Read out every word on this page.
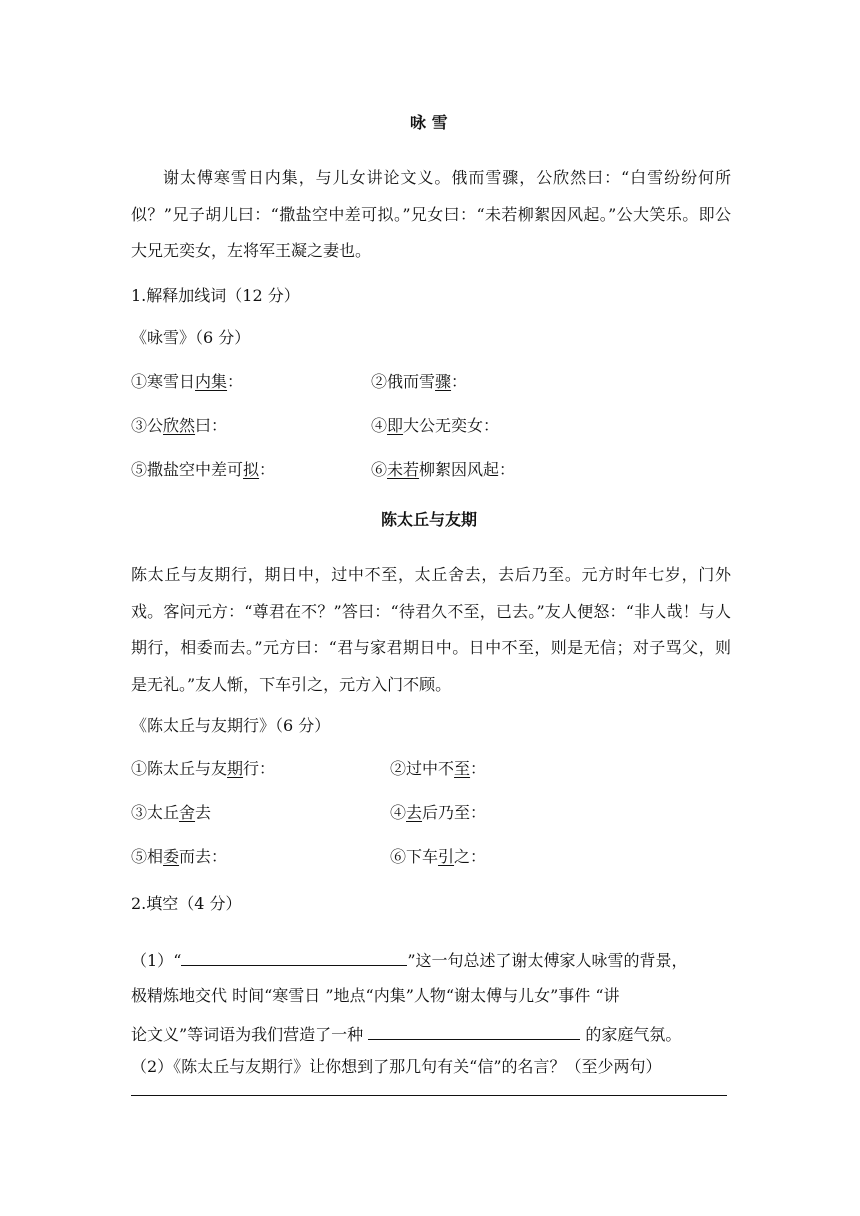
咏 雪
谢太傅寒雪日内集，与儿女讲论文义。俄而雪骤，公欣然曰：“白雪纷纷何所似？”兄子胡儿曰：“撒盐空中差可拟。”兄女曰：“未若柳絮因风起。”公大笑乐。即公大兄无奕女，左将军王凝之妻也。
1.解释加线词（12 分）
《咏雪》（6 分）
①寒雪日内集：	②俄而雪骤：
③公欣然曰：	④即大公无奕女：
⑤撒盐空中差可拟：	⑥未若柳絮因风起：
陈太丘与友期
陈太丘与友期行，期日中，过中不至，太丘舍去，去后乃至。元方时年七岁，门外戏。客问元方：“尊君在不？”答曰：“待君久不至，已去。”友人便怒：“非人哉！与人期行，相委而去。”元方曰：“君与家君期日中。日中不至，则是无信；对子骂父，则是无礼。”友人惭，下车引之，元方入门不顾。
《陈太丘与友期行》（6 分）
①陈太丘与友期行：	②过中不至：
③太丘舍去	④去后乃至：
⑤相委而去：	⑥下车引之：
2.填空（4 分）
（1）“	”这一句总述了谢太傅家人咏雪的背景，
极精炼地交代 时间“寒雪日 ”地点“内集”人物“谢太傅与儿女”事件 “讲
论文义”等词语为我们营造了一种	的家庭气氛。
（2）《陈太丘与友期行》让你想到了那几句有关“信”的名言？（至少两句）
